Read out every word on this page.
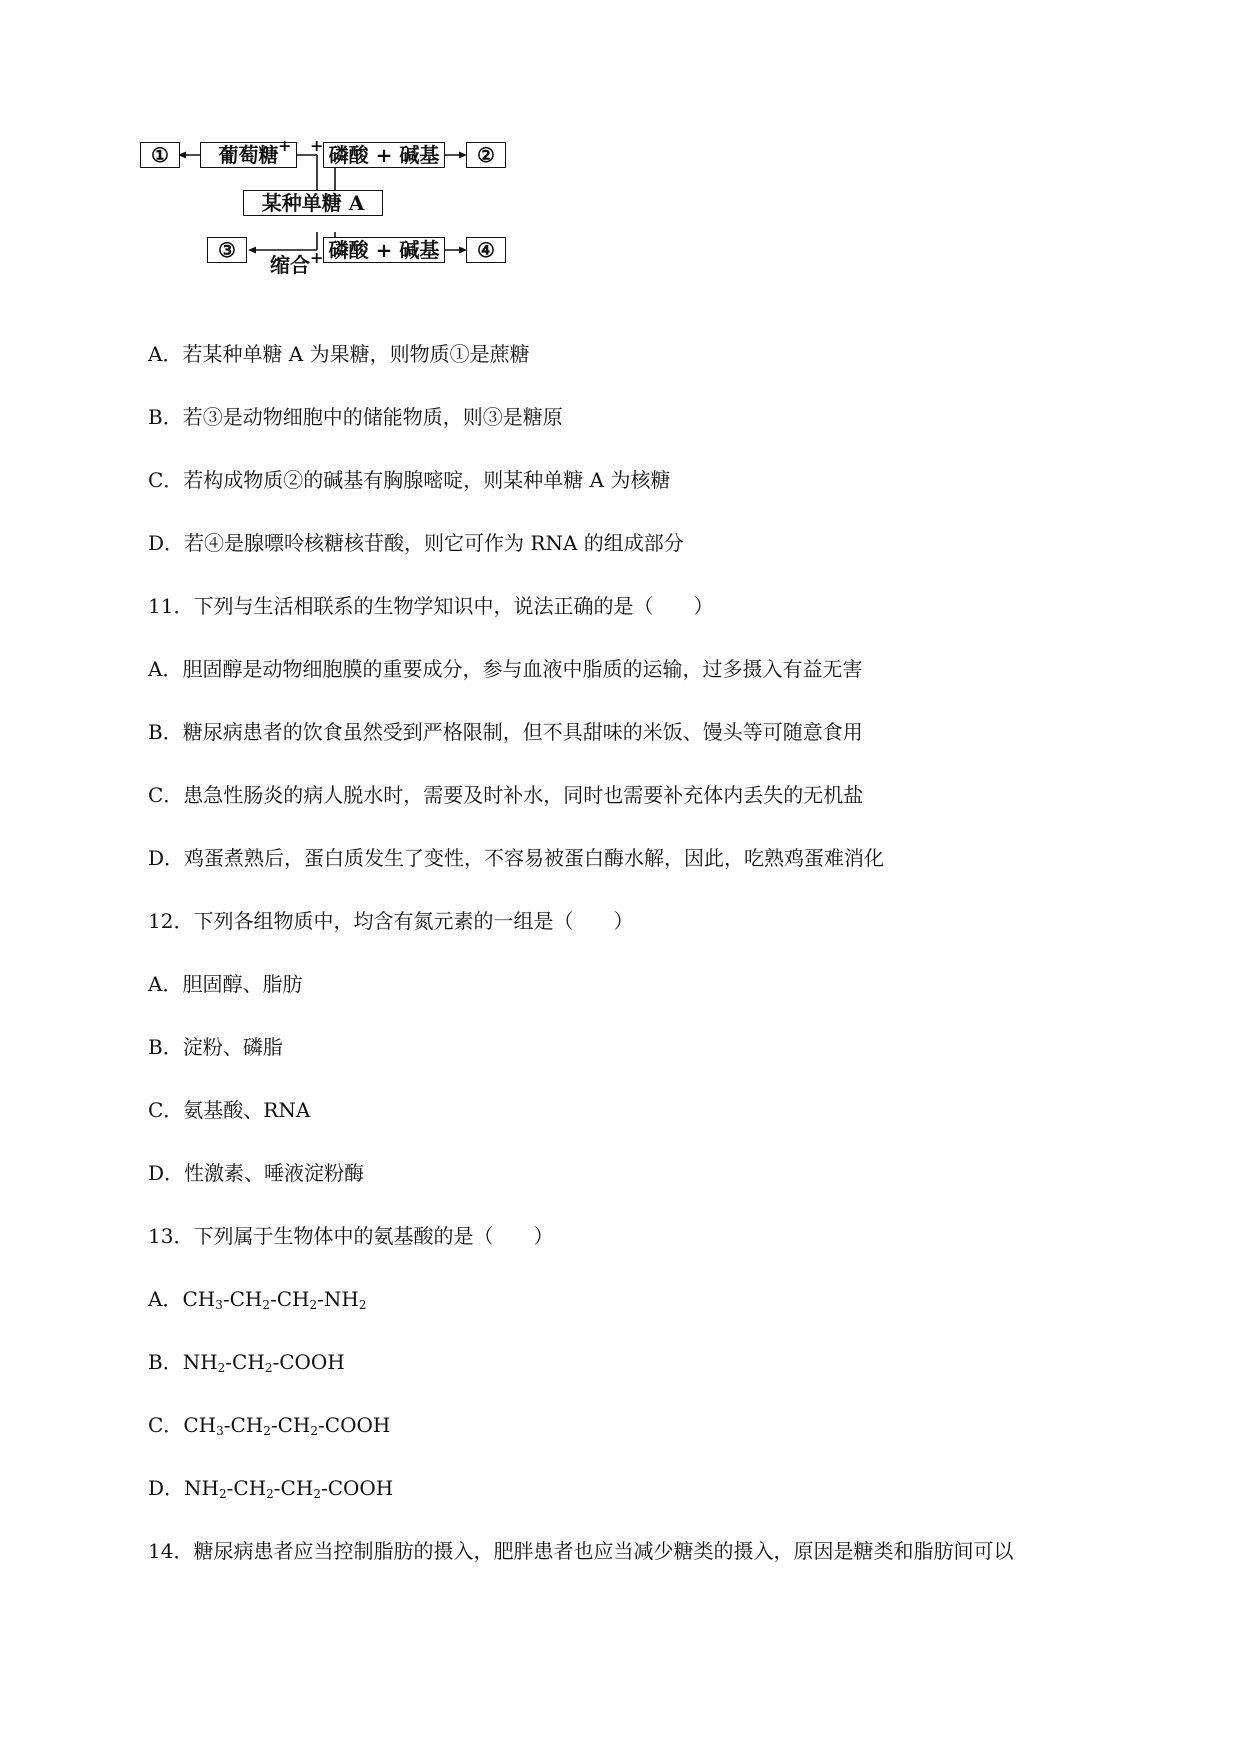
① 葡萄糖 + + 磷酸 + 碱基 ②
某种单糖 A
③
缩合 + 磷酸 + 碱基 ④
A．若某种单糖 A 为果糖，则物质①是蔗糖
B．若③是动物细胞中的储能物质，则③是糖原
C．若构成物质②的碱基有胸腺嘧啶，则某种单糖 A 为核糖
D．若④是腺嘌呤核糖核苷酸，则它可作为 RNA 的组成部分
11．下列与生活相联系的生物学知识中，说法正确的是（　　）
A．胆固醇是动物细胞膜的重要成分，参与血液中脂质的运输，过多摄入有益无害
B．糖尿病患者的饮食虽然受到严格限制，但不具甜味的米饭、馒头等可随意食用
C．患急性肠炎的病人脱水时，需要及时补水，同时也需要补充体内丢失的无机盐
D．鸡蛋煮熟后，蛋白质发生了变性，不容易被蛋白酶水解，因此，吃熟鸡蛋难消化
12．下列各组物质中，均含有氮元素的一组是（　　）
A．胆固醇、脂肪
B．淀粉、磷脂
C．氨基酸、RNA
D．性激素、唾液淀粉酶
13．下列属于生物体中的氨基酸的是（　　）
A．$CH_3-CH_2-CH_2-NH_2$
B．$NH_2-CH_2$-COOH
C．$CH_3-CH_2-CH_2$-COOH
D．$NH_2-CH_2-CH_2$-COOH
14．糖尿病患者应当控制脂肪的摄入，肥胖患者也应当减少糖类的摄入，原因是糖类和脂肪间可以
